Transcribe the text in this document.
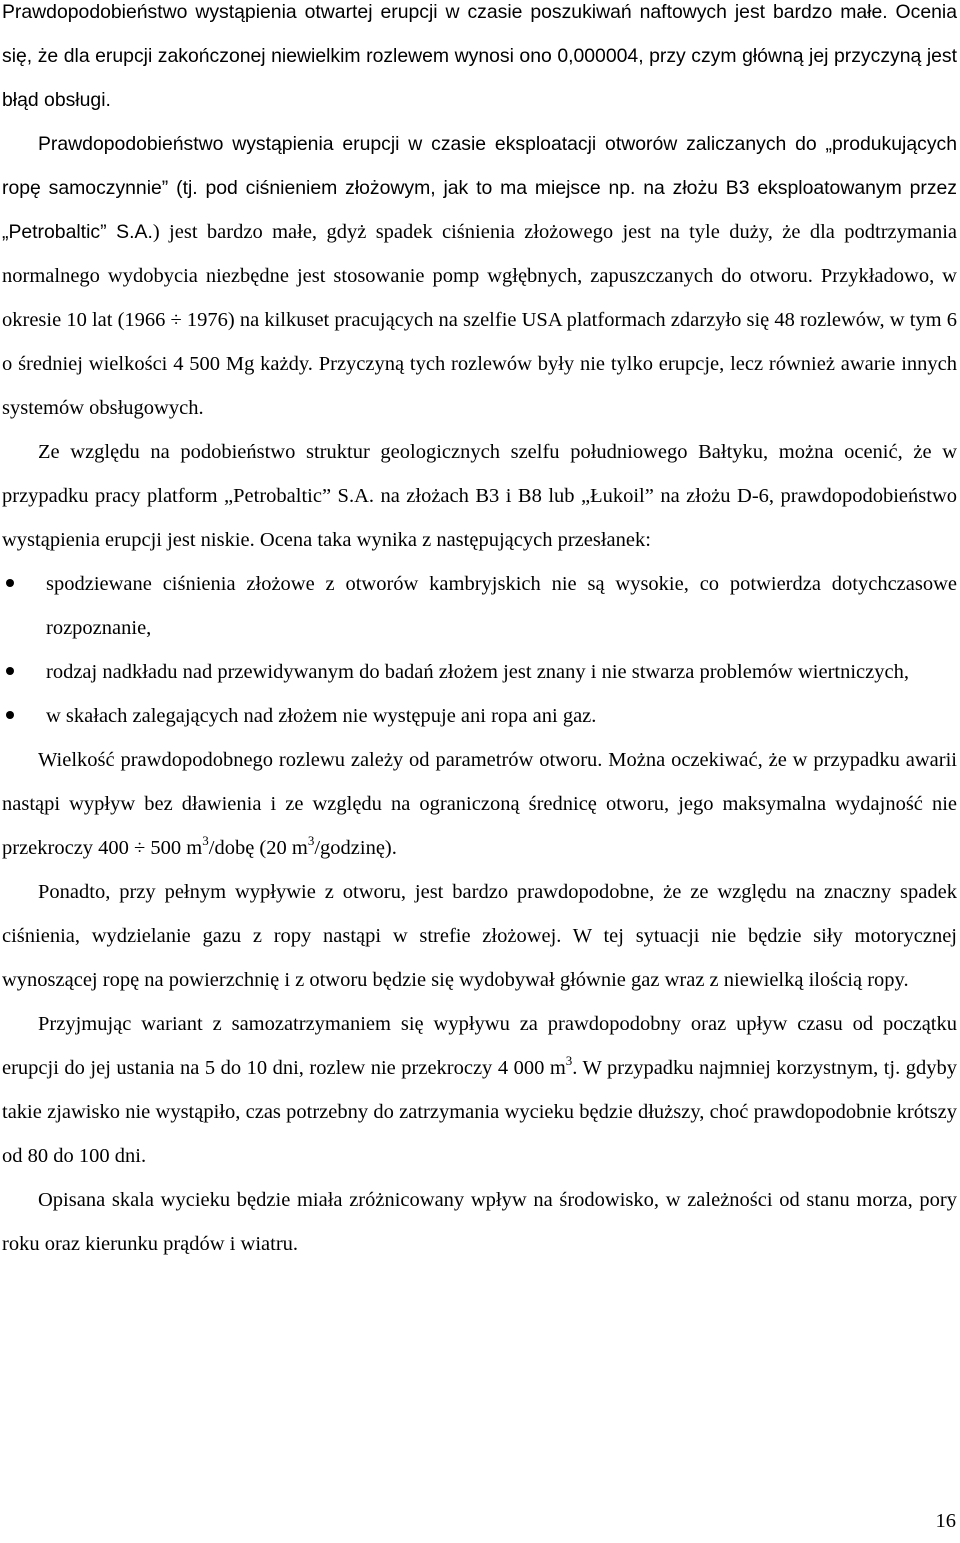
Prawdopodobieństwo wystąpienia otwartej erupcji w czasie poszukiwań naftowych jest bardzo małe. Ocenia się, że dla erupcji zakończonej niewielkim rozlewem wynosi ono 0,000004, przy czym główną jej przyczyną jest błąd obsługi.

Prawdopodobieństwo wystąpienia erupcji w czasie eksploatacji otworów zaliczanych do „produkujących ropę samoczynnie” (tj. pod ciśnieniem złożowym, jak to ma miejsce np. na złożu B3 eksploatowanym przez „Petrobaltic” S.A.) jest bardzo małe, gdyż spadek ciśnienia złożowego jest na tyle duży, że dla podtrzymania normalnego wydobycia niezbędne jest stosowanie pomp wgłębnych, zapuszczanych do otworu. Przykładowo, w okresie 10 lat (1966 ÷ 1976) na kilkuset pracujących na szelfie USA platformach zdarzyło się 48 rozlewów, w tym 6 o średniej wielkości 4 500 Mg każdy. Przyczyną tych rozlewów były nie tylko erupcje, lecz również awarie innych systemów obsługowych.

Ze względu na podobieństwo struktur geologicznych szelfu południowego Bałtyku, można ocenić, że w przypadku pracy platform „Petrobaltic” S.A. na złożach B3 i B8 lub „Łukoil” na złożu D-6, prawdopodobieństwo wystąpienia erupcji jest niskie. Ocena taka wynika z następujących przesłanek:

spodziewane ciśnienia złożowe z otworów kambryjskich nie są wysokie, co potwierdza dotychczasowe rozpoznanie,
rodzaj nadkładu nad przewidywanym do badań złożem jest znany i nie stwarza problemów wiertniczych,
w skałach zalegających nad złożem nie występuje ani ropa ani gaz.

Wielkość prawdopodobnego rozlewu zależy od parametrów otworu. Można oczekiwać, że w przypadku awarii nastąpi wypływ bez dławienia i ze względu na ograniczoną średnicę otworu, jego maksymalna wydajność nie przekroczy 400 ÷ 500 $m^3$/dobę (20 $m^3/godzinę$).

Ponadto, przy pełnym wypływie z otworu, jest bardzo prawdopodobne, że ze względu na znaczny spadek ciśnienia, wydzielanie gazu z ropy nastąpi w strefie złożowej. W tej sytuacji nie będzie siły motorycznej wynoszącej ropę na powierzchnię i z otworu będzie się wydobywał głównie gaz wraz z niewielką ilością ropy.

Przyjmując wariant z samozatrzymaniem się wypływu za prawdopodobny oraz upływ czasu od początku erupcji do jej ustania na 5 do 10 dni, rozlew nie przekroczy 4 000 $m^3$. W przypadku najmniej korzystnym, tj. gdyby takie zjawisko nie wystąpiło, czas potrzebny do zatrzymania wycieku będzie dłuższy, choć prawdopodobnie krótszy od 80 do 100 dni.

Opisana skala wycieku będzie miała zróżnicowany wpływ na środowisko, w zależności od stanu morza, pory roku oraz kierunku prądów i wiatru.

16
